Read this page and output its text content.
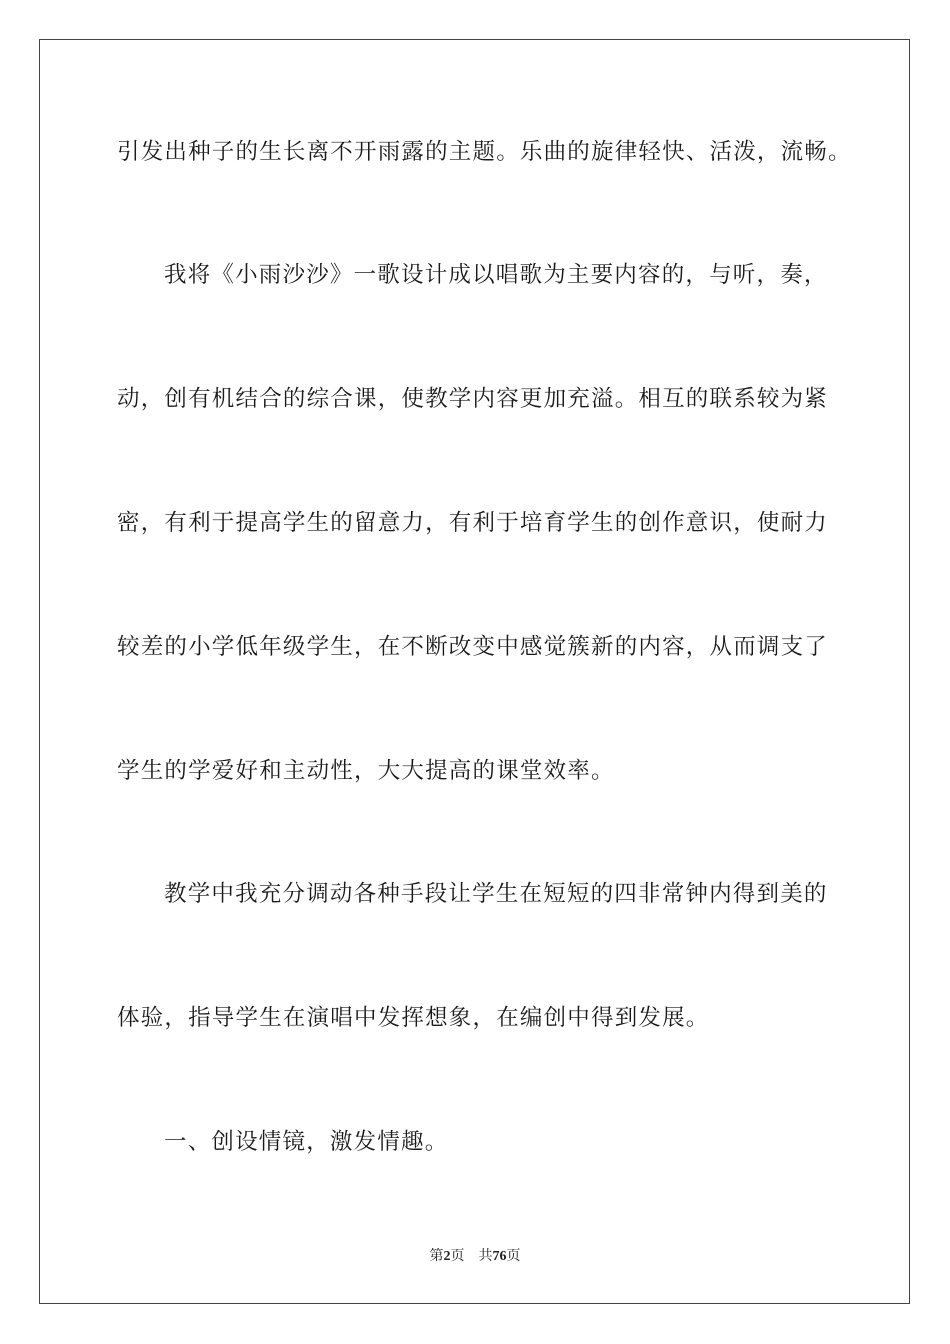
引发出种子的生长离不开雨露的主题。乐曲的旋律轻快、活泼，流畅。

我将《小雨沙沙》一歌设计成以唱歌为主要内容的，与听，奏，

动，创有机结合的综合课，使教学内容更加充溢。相互的联系较为紧

密，有利于提高学生的留意力，有利于培育学生的创作意识，使耐力

较差的小学低年级学生，在不断改变中感觉簇新的内容，从而调支了

学生的学爱好和主动性，大大提高的课堂效率。

教学中我充分调动各种手段让学生在短短的四非常钟内得到美的

体验，指导学生在演唱中发挥想象，在编创中得到发展。

一、创设情镜，激发情趣。

第2页 共76页
